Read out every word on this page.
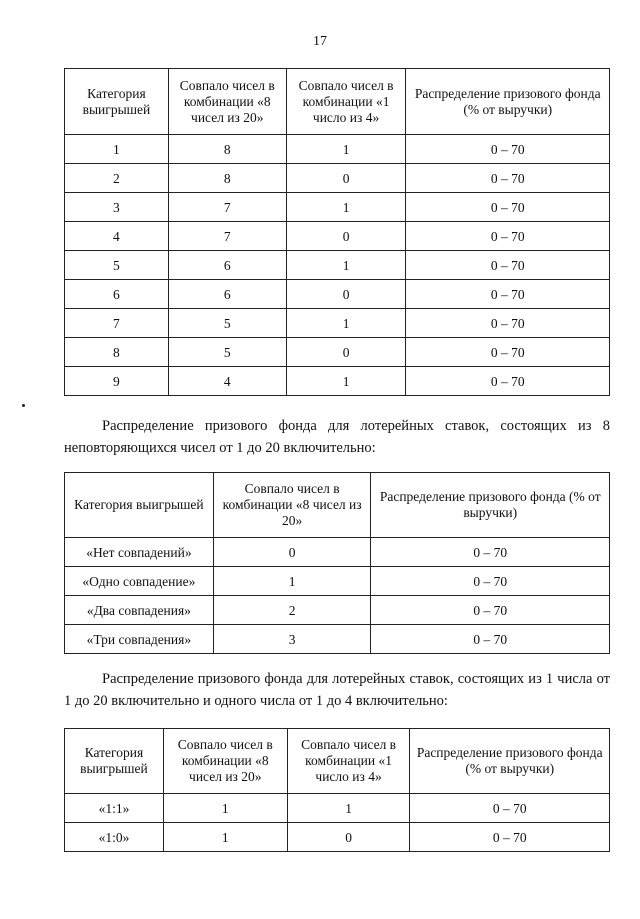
17
Категория выигрышей	Совпало чисел в комбинации «8 чисел из 20»	Совпало чисел в комбинации «1 число из 4»	Распределение призового фонда (% от выручки)
1	8	1	0 – 70
2	8	0	0 – 70
3	7	1	0 – 70
4	7	0	0 – 70
5	6	1	0 – 70
6	6	0	0 – 70
7	5	1	0 – 70
8	5	0	0 – 70
9	4	1	0 – 70

Распределение призового фонда для лотерейных ставок, состоящих из 8 неповторяющихся чисел от 1 до 20 включительно:

Категория выигрышей	Совпало чисел в комбинации «8 чисел из 20»	Распределение призового фонда (% от выручки)
«Нет совпадений»	0	0 – 70
«Одно совпадение»	1	0 – 70
«Два совпадения»	2	0 – 70
«Три совпадения»	3	0 – 70

Распределение призового фонда для лотерейных ставок, состоящих из 1 числа от 1 до 20 включительно и одного числа от 1 до 4 включительно:

Категория выигрышей	Совпало чисел в комбинации «8 чисел из 20»	Совпало чисел в комбинации «1 число из 4»	Распределение призового фонда (% от выручки)
«1:1»	1	1	0 – 70
«1:0»	1	0	0 – 70
